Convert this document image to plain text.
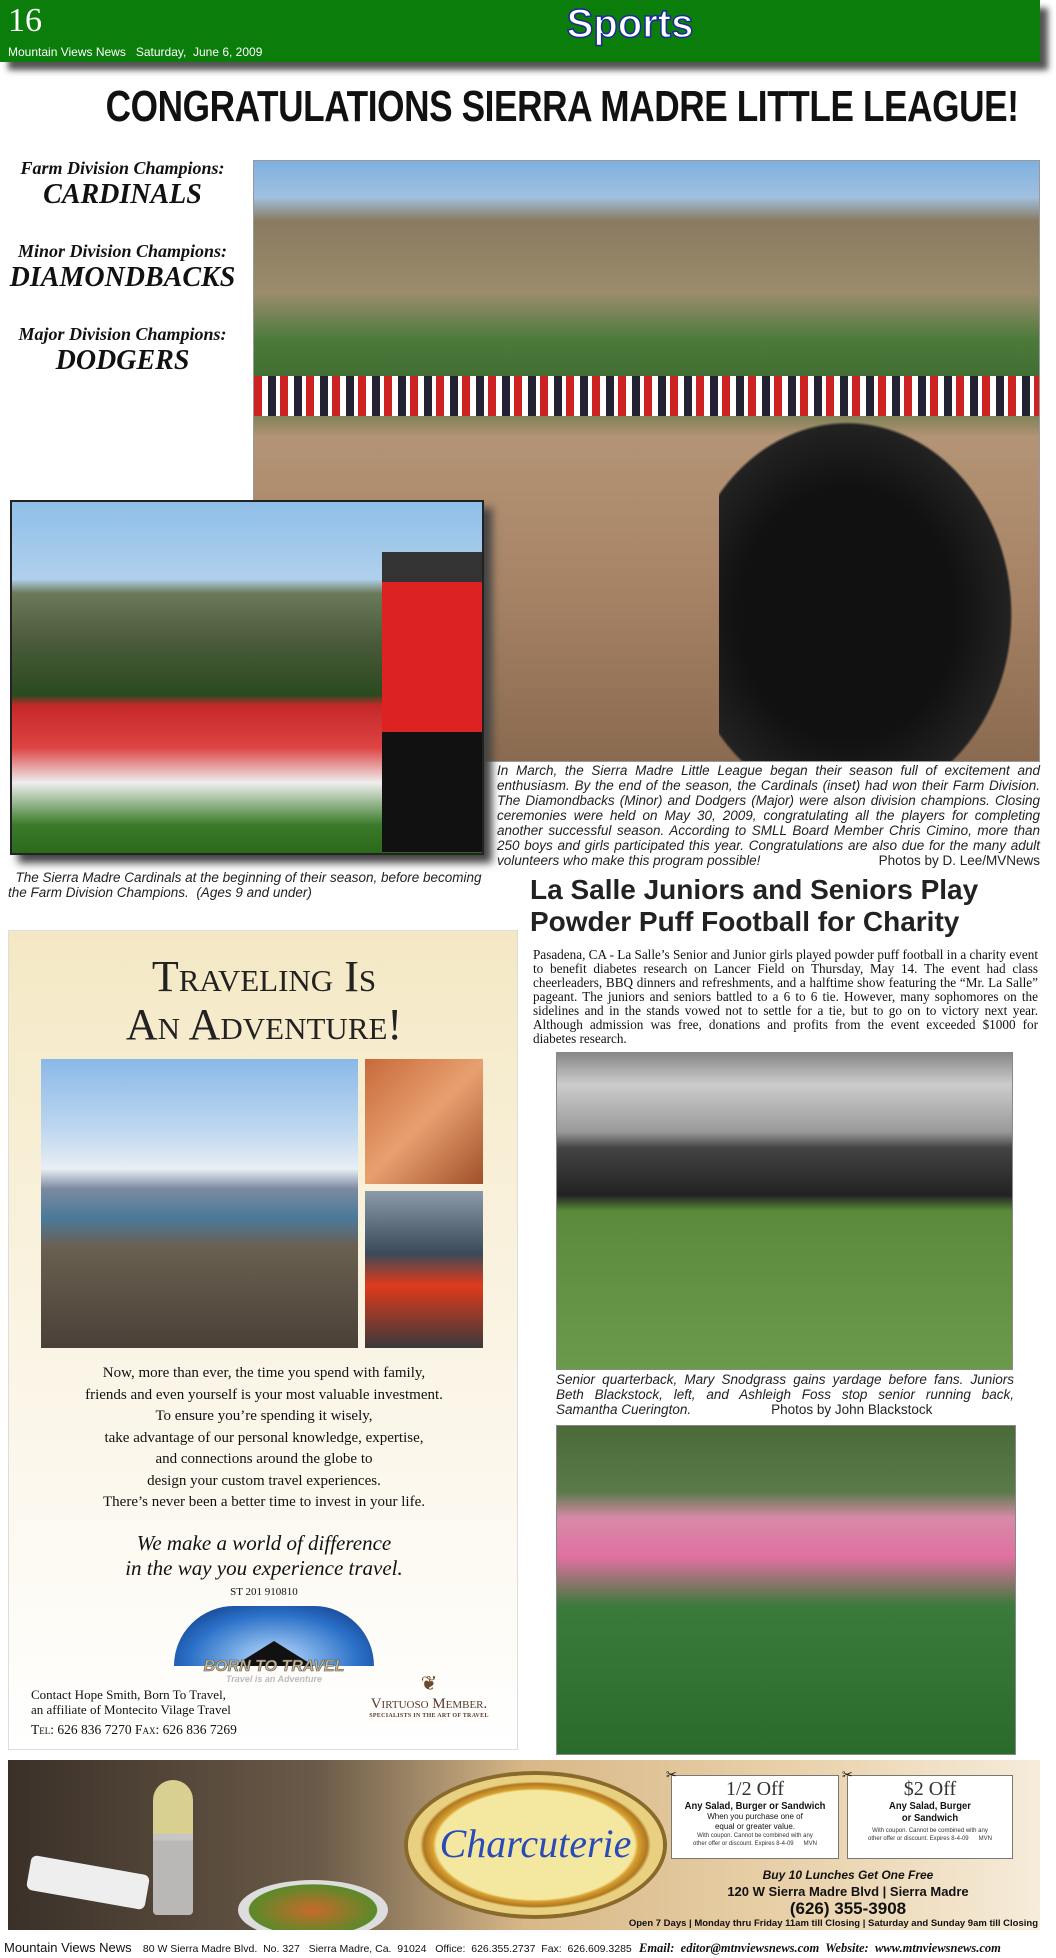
16
Mountain Views News   Saturday,  June 6, 2009
Sports
CONGRATULATIONS SIERRA MADRE LITTLE LEAGUE!
Farm Division Champions:
CARDINALS
Minor Division Champions:
DIAMONDBACKS
Major Division Champions:
DODGERS
In March, the Sierra Madre Little League began their season full of excitement and enthusiasm. By the end of the season, the Cardinals (inset) had won their Farm Division. The Diamondbacks (Minor) and Dodgers (Major) were alson division champions. Closing ceremonies were held on May 30, 2009, congratulating all the players for completing another successful season. According to SMLL Board Member Chris Cimino, more than 250 boys and girls participated this year. Congratulations are also due for the many adult volunteers who make this program possible!	Photos by D. Lee/MVNews
The Sierra Madre Cardinals at the beginning of their season, before becoming the Farm Division Champions.  (Ages 9 and under)	La Salle Juniors and Seniors Play Powder Puff Football for Charity
Pasadena, CA - La Salle’s Senior and Junior girls played powder puff football in a charity event to benefit diabetes research on Lancer Field on Thursday, May 14. The event had class cheerleaders, BBQ dinners and refreshments, and a halftime show featuring the “Mr. La Salle” pageant. The juniors and seniors battled to a 6 to 6 tie. However, many sophomores on the sidelines and in the stands vowed not to settle for a tie, but to go on to victory next year. Although admission was free, donations and profits from the event exceeded $1000 for diabetes research.
Senior quarterback, Mary Snodgrass gains yardage before fans. Juniors Beth Blackstock, left, and Ashleigh Foss stop senior running back, Samantha Cuerington.	Photos by John Blackstock
Traveling Is
An Adventure!
Now, more than ever, the time you spend with family,
friends and even yourself is your most valuable investment.
To ensure you’re spending it wisely,
take advantage of our personal knowledge, expertise,
and connections around the globe to
design your custom travel experiences.
There’s never been a better time to invest in your life.
We make a world of difference
in the way you experience travel.
ST 201 910810
BORN TO TRAVEL
Travel is an Adventure
Contact Hope Smith, Born To Travel,
an affiliate of Montecito Vilage Travel
Tel: 626 836 7270 Fax: 626 836 7269
❦
Virtuoso Member.
SPECIALISTS IN THE ART OF TRAVEL
Charcuterie
✂
1/2 Off
Any Salad, Burger or Sandwich
When you purchase one of
equal or greater value.
With coupon. Cannot be combined with any
other offer or discount. Expires 8-4-09      MVN
✂
$2 Off
Any Salad, Burger
or Sandwich
With coupon. Cannot be combined with any
other offer or discount. Expires 8-4-09      MVN
Buy 10 Lunches Get One Free
120 W Sierra Madre Blvd | Sierra Madre
(626) 355-3908
Open 7 Days | Monday thru Friday 11am till Closing | Saturday and Sunday 9am till Closing
Mountain Views News 80 W Sierra Madre Blvd.  No. 327   Sierra Madre, Ca.  91024   Office:  626.355.2737  Fax:  626.609.3285 Email:  editor@mtnviewsnews.com  Website:  www.mtnviewsnews.com
